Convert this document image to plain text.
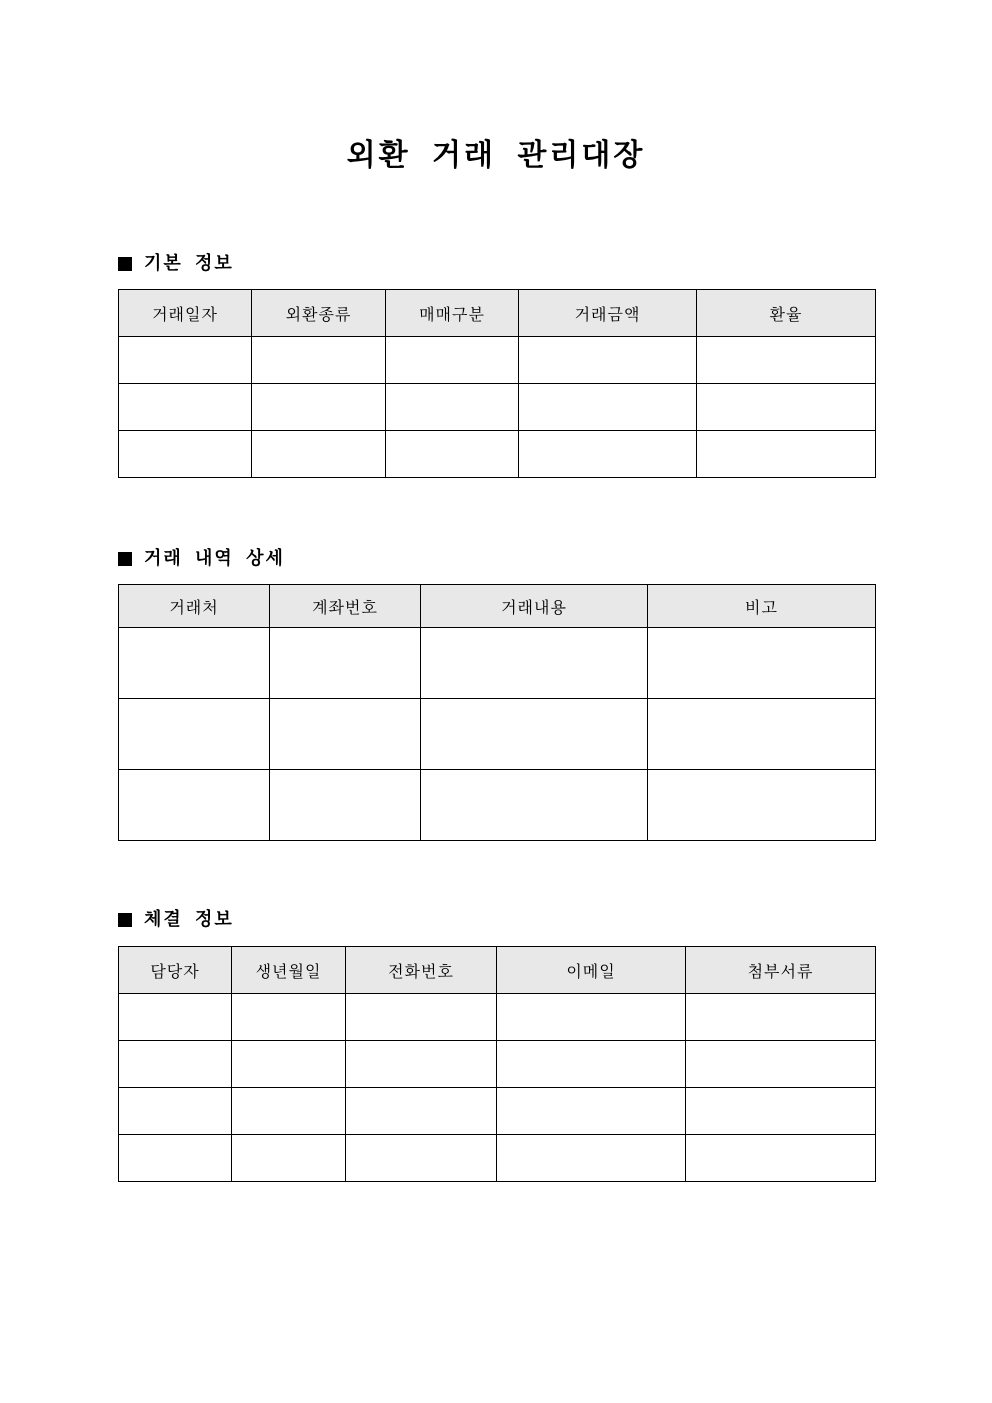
외환 거래 관리대장
기본 정보
거래일자	외환종류	매매구분	거래금액	환율

거래 내역 상세
거래처	계좌번호	거래내용	비고

체결 정보
담당자	생년월일	전화번호	이메일	첨부서류
